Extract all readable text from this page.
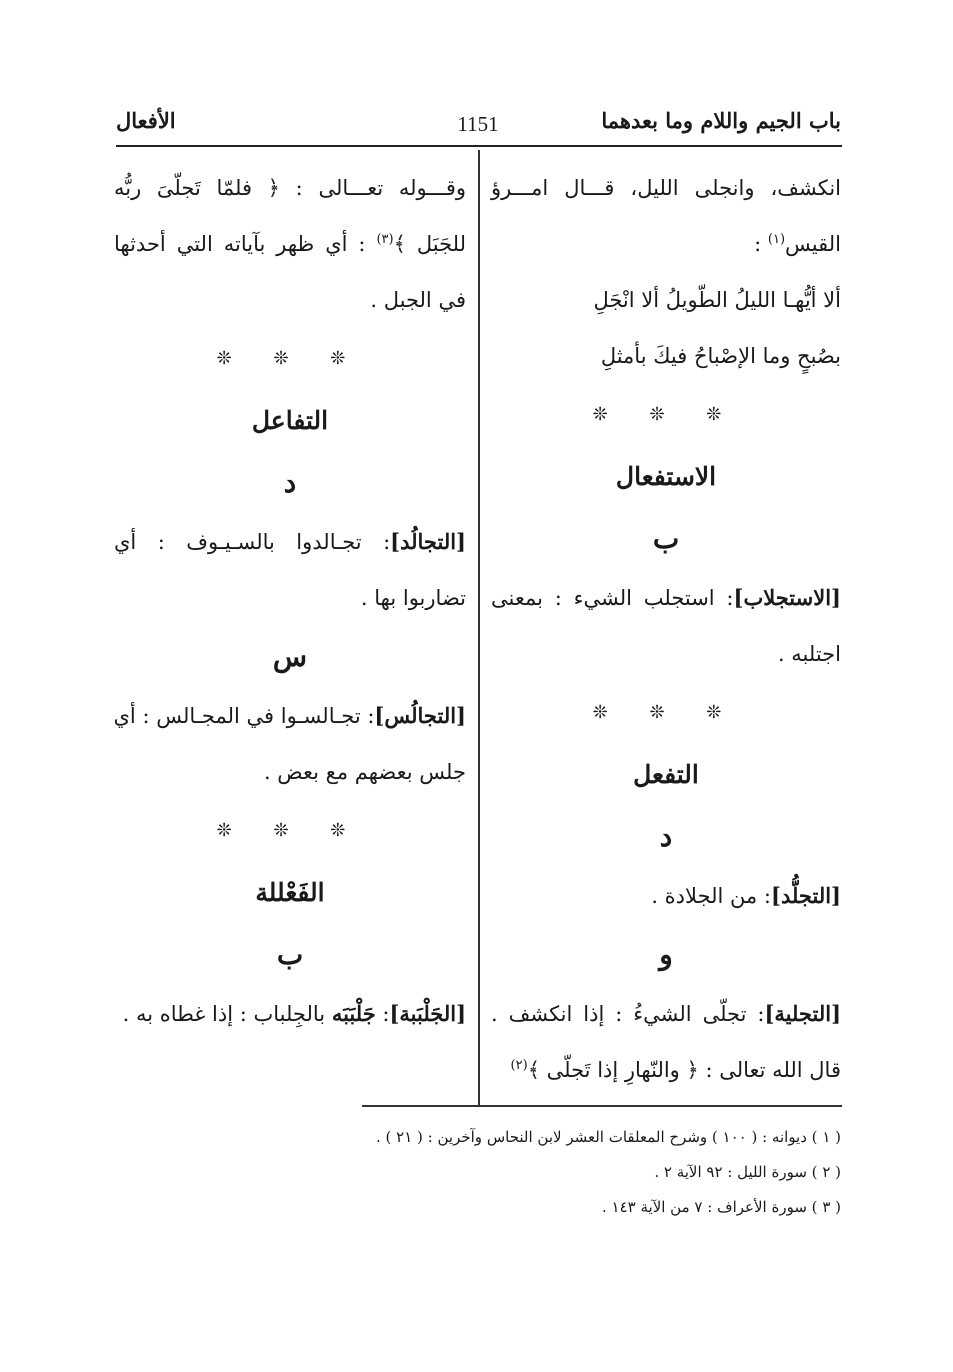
باب الجيم واللام وما بعدهما
1151
الأفعال
انكشف، وانجلى الليل، قـــال امـــرؤ
القيس$^{(١)}$ :
ألا أيُّهـا الليلُ الطّويلُ ألا انْجَلِ
بصُبحٍ وما الإصْباحُ فيكَ بأمثلِ
❊ ❊ ❊
الاستفعال
ب
[الاستجلاب]: استجلب الشيء : بمعنى
اجتلبه .
❊ ❊ ❊
التفعل
د
[التجلُّد]: من الجلادة .
و
[التجلية]: تجلّى الشيءُ : إذا انكشف .
قال الله تعالى : ﴿ والنّهارِ إذا تَجلّى ﴾$^{(٢)}$
وقـــوله تعـــالى : ﴿ فلمّا تَجلّىَ ربُّه
للجَبَل ﴾$^{(٣)}$ : أي ظهر بآياته التي أحدثها
في الجبل .
❊ ❊ ❊
التفاعل
د
[التجالُد]: تجـالدوا بالسـيـوف : أي
تضاربوا بها .
س
[التجالُس]: تجـالسـوا في المجـالس : أي
جلس بعضهم مع بعض .
❊ ❊ ❊
الفَعْللة
ب
[الجَلْبَبة]: جَلْبَبَه بالجِلباب : إذا غطاه به .
( ١ ) ديوانه : ( ١٠٠ ) وشرح المعلقات العشر لابن النحاس وآخرين : ( ٢١ ) .
( ٢ ) سورة الليل : ٩٢ الآية ٢ .
( ٣ ) سورة الأعراف : ٧ من الآية ١٤٣ .
